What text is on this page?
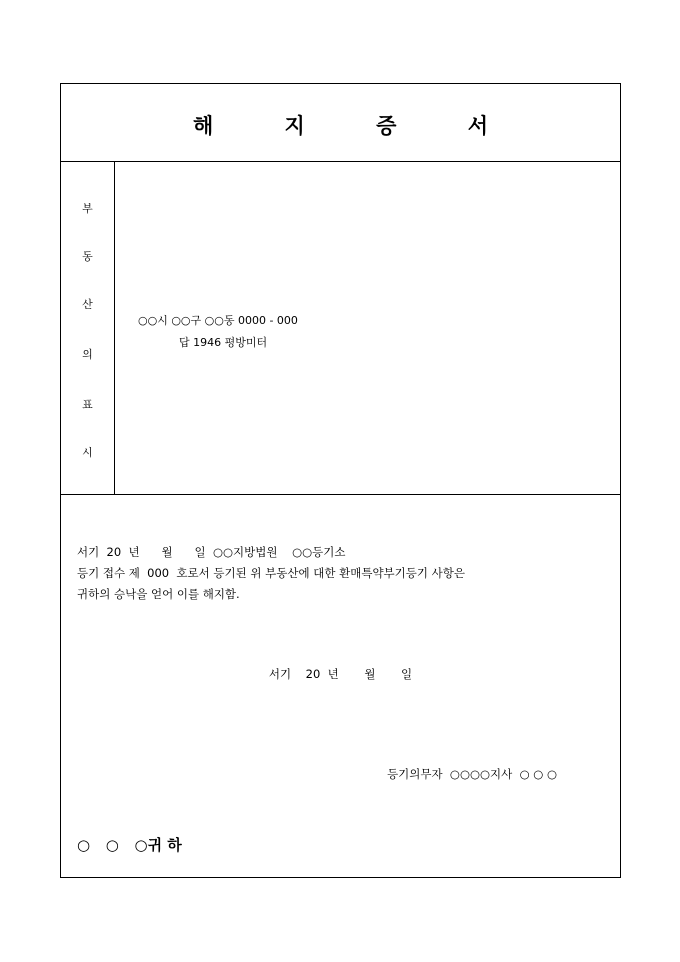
해 지 증 서
부
동
산
의
표
시
○○시 ○○구 ○○동 0000 - 000
답 1946 평방미터
서기  20  년      월      일  ○○지방법원    ○○등기소
등기 접수 제  000  호로서 등기된 위 부동산에 대한 환매특약부기등기 사항은
귀하의 승낙을 얻어 이를 해지함.
서기    20  년       월       일
등기의무자  ○○○○지사  ○ ○ ○
○   ○   ○귀 하
